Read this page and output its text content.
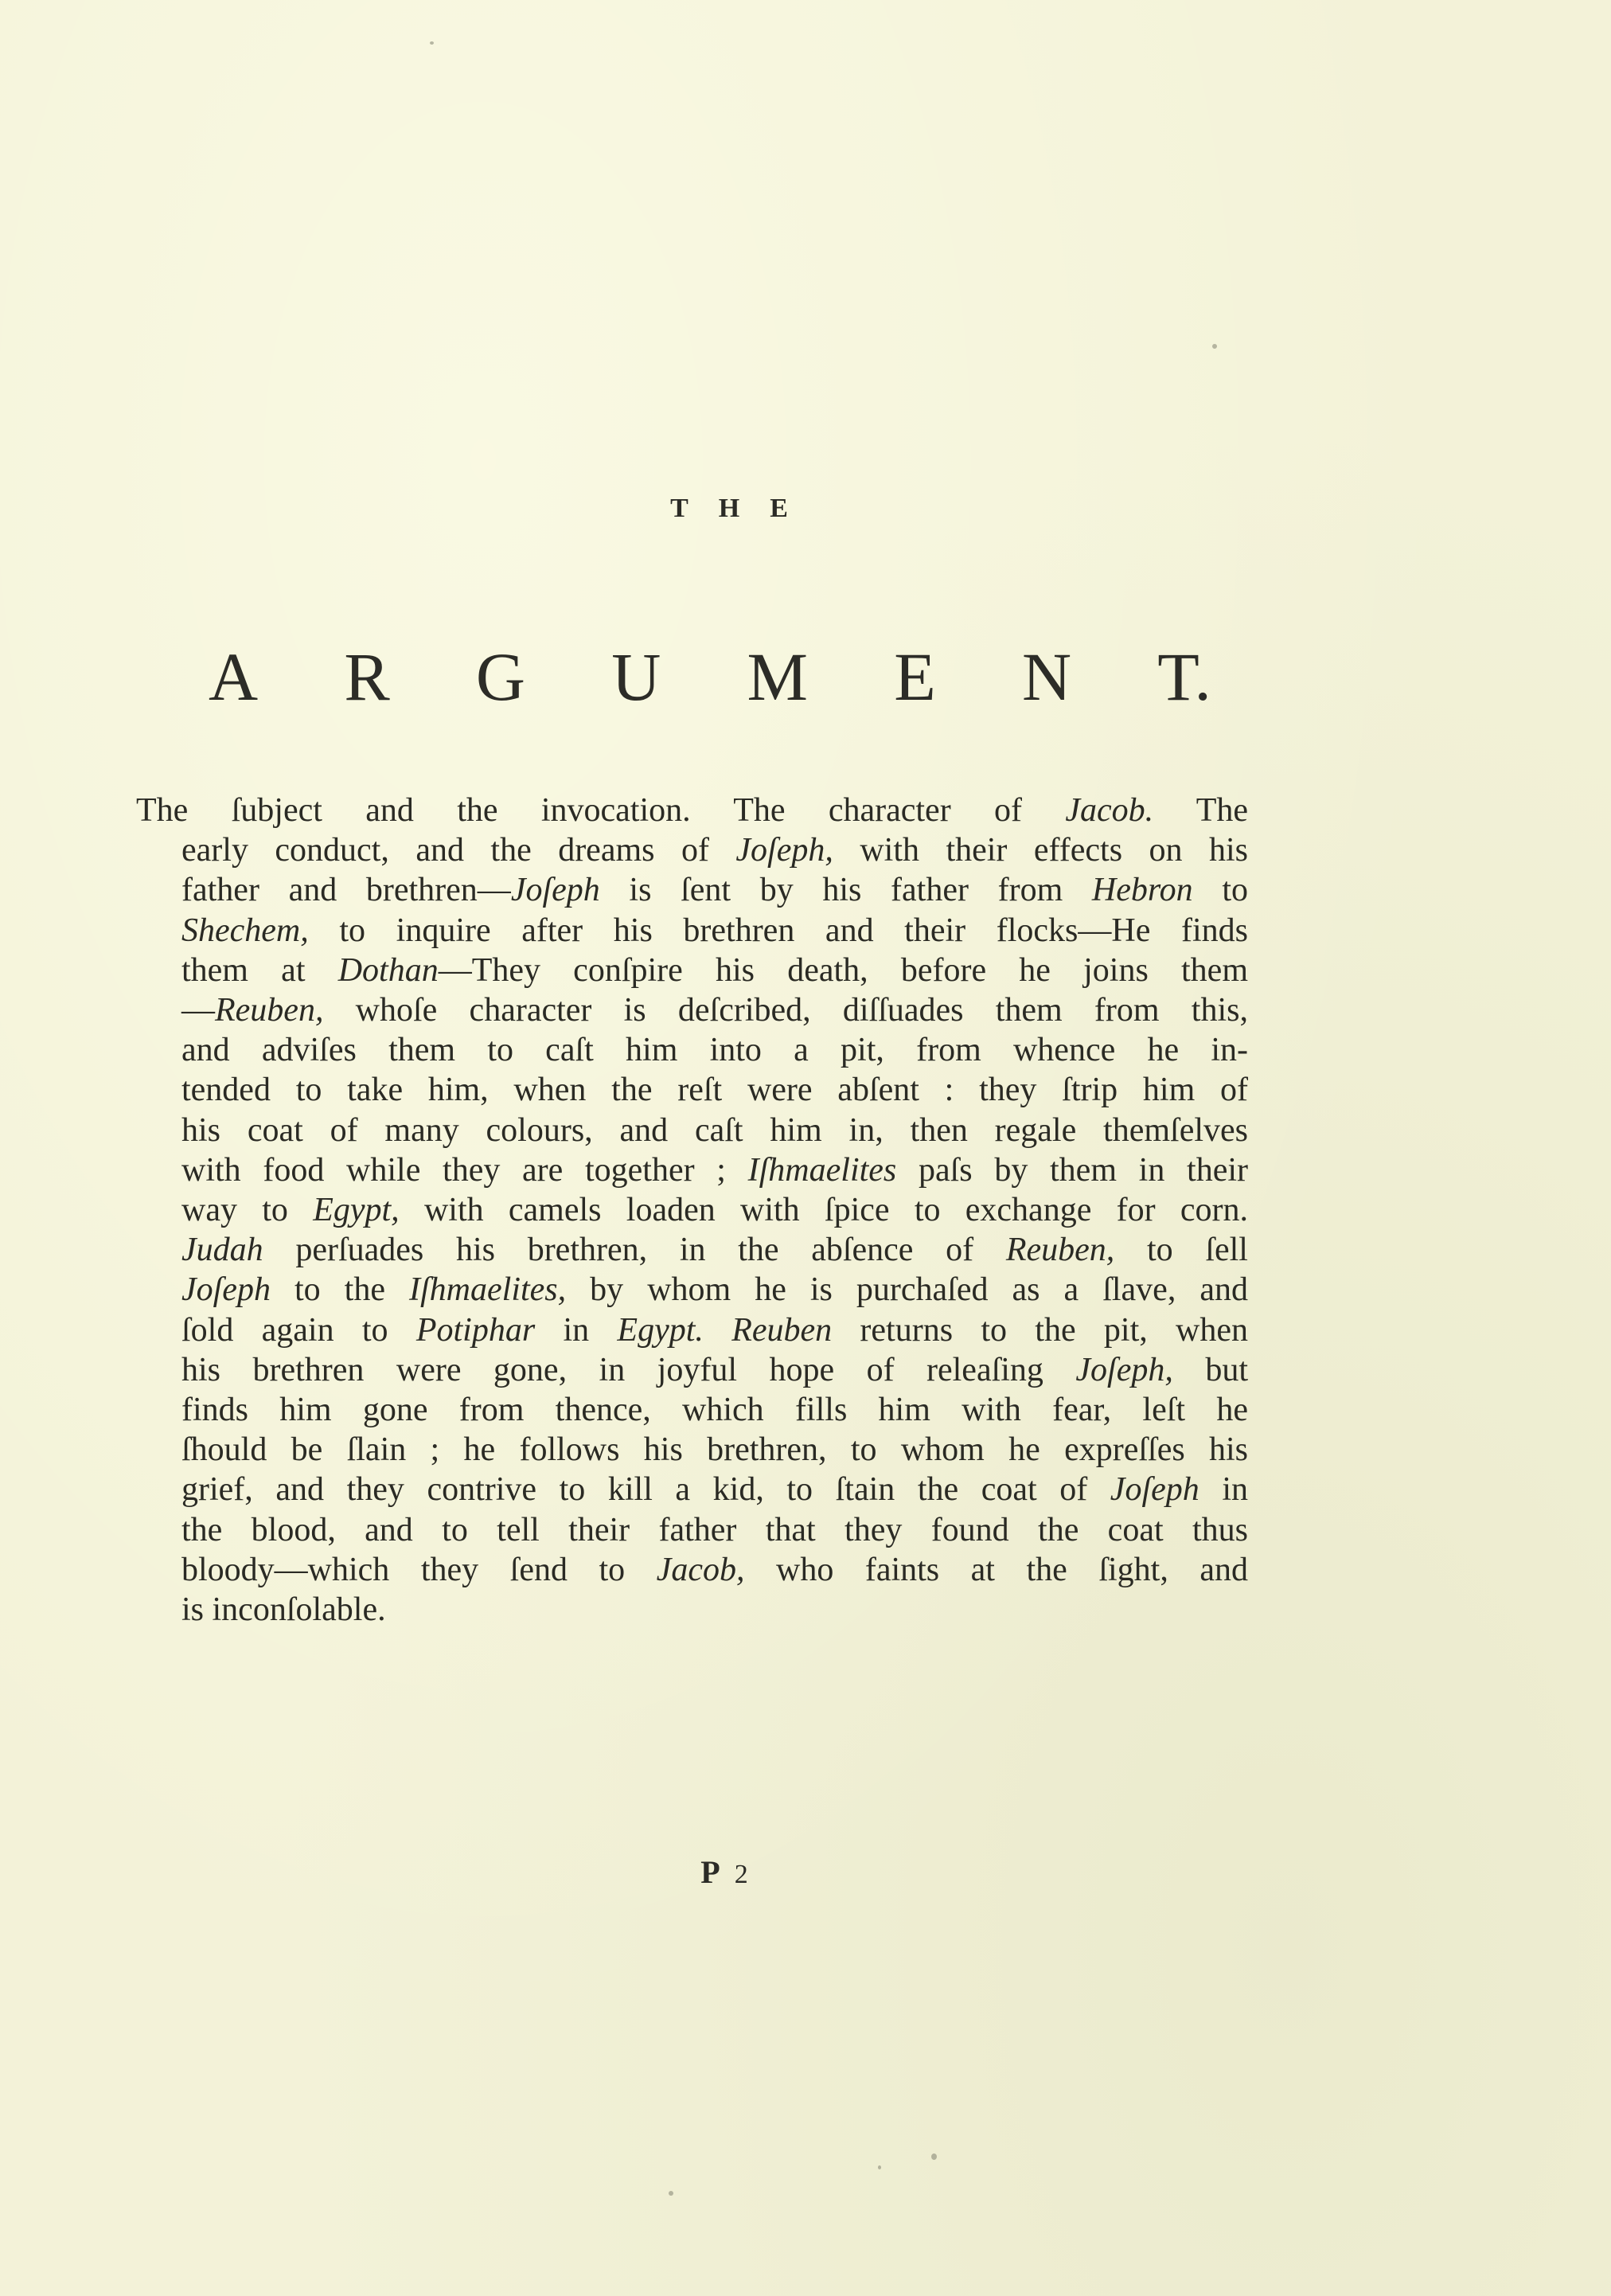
THE
A R G U M E N T.
The ſubject and the invocation. The character of Jacob. The
early conduct, and the dreams of Joſeph, with their effects on his
father and brethren—Joſeph is ſent by his father from Hebron to
Shechem, to inquire after his brethren and their flocks—He finds
them at Dothan—They conſpire his death, before he joins them
—Reuben, whoſe character is deſcribed, diſſuades them from this,
and adviſes them to caſt him into a pit, from whence he in-
tended to take him, when the reſt were abſent : they ſtrip him of
his coat of many colours, and caſt him in, then regale themſelves
with food while they are together ; Iſhmaelites paſs by them in their
way to Egypt, with camels loaden with ſpice to exchange for corn.
Judah perſuades his brethren, in the abſence of Reuben, to ſell
Joſeph to the Iſhmaelites, by whom he is purchaſed as a ſlave, and
ſold again to Potiphar in Egypt. Reuben returns to the pit, when
his brethren were gone, in joyful hope of releaſing Joſeph, but
finds him gone from thence, which fills him with fear, leſt he
ſhould be ſlain ; he follows his brethren, to whom he expreſſes his
grief, and they contrive to kill a kid, to ſtain the coat of Joſeph in
the blood, and to tell their father that they found the coat thus
bloody—which they ſend to Jacob, who faints at the ſight, and
is inconſolable.
P 2
